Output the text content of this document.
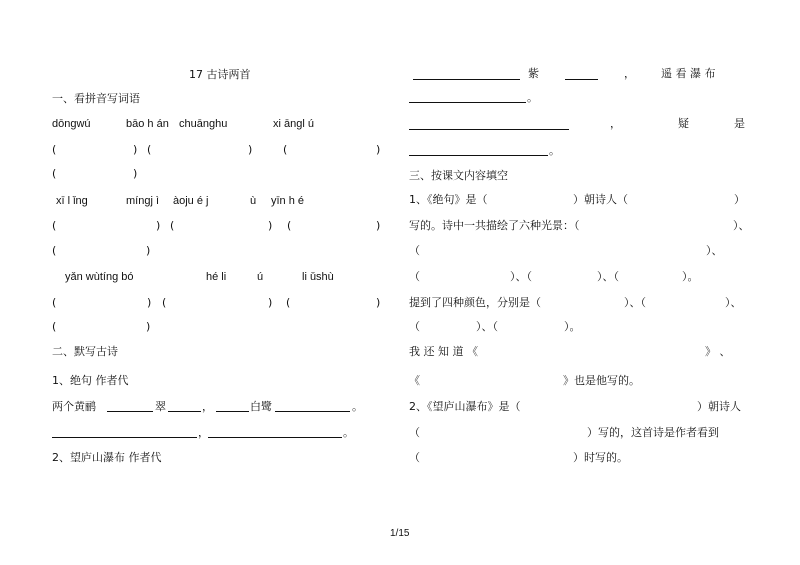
17 古诗两首
一、看拼音写词语
dōngwú	bāo h án chuānghu	xi ānɡl ú
(	) (	)	(	)
(	)
xī l ǐnɡ	mínɡj ì àoju é j	ù yīn h é
(	) (	) (	)
(	)
yǎn wùtínɡ bó	hé li	ú	li ǔshù
(	) (	) (	)
(	)
二、默写古诗
1、绝句 作者代
两个黄鹂	翠	，	白鹭	。
，	。
2、望庐山瀑布 作者代
紫	， 遥 看 瀑 布
。
，	疑	是
。
三、按课文内容填空
1、《绝句》是（	）朝诗人（	）
写的。诗中一共描绘了六种光景：（	）、
（	）、
（	）、（	）、（	）。
提到了四种颜色，分别是（	）、（	）、
（	）、（	）。
我 还 知 道 《	》 、
《	》也是他写的。
2、《望庐山瀑布》是（	）朝诗人
（	）写的，这首诗是作者看到
（	）时写的。
1/15
